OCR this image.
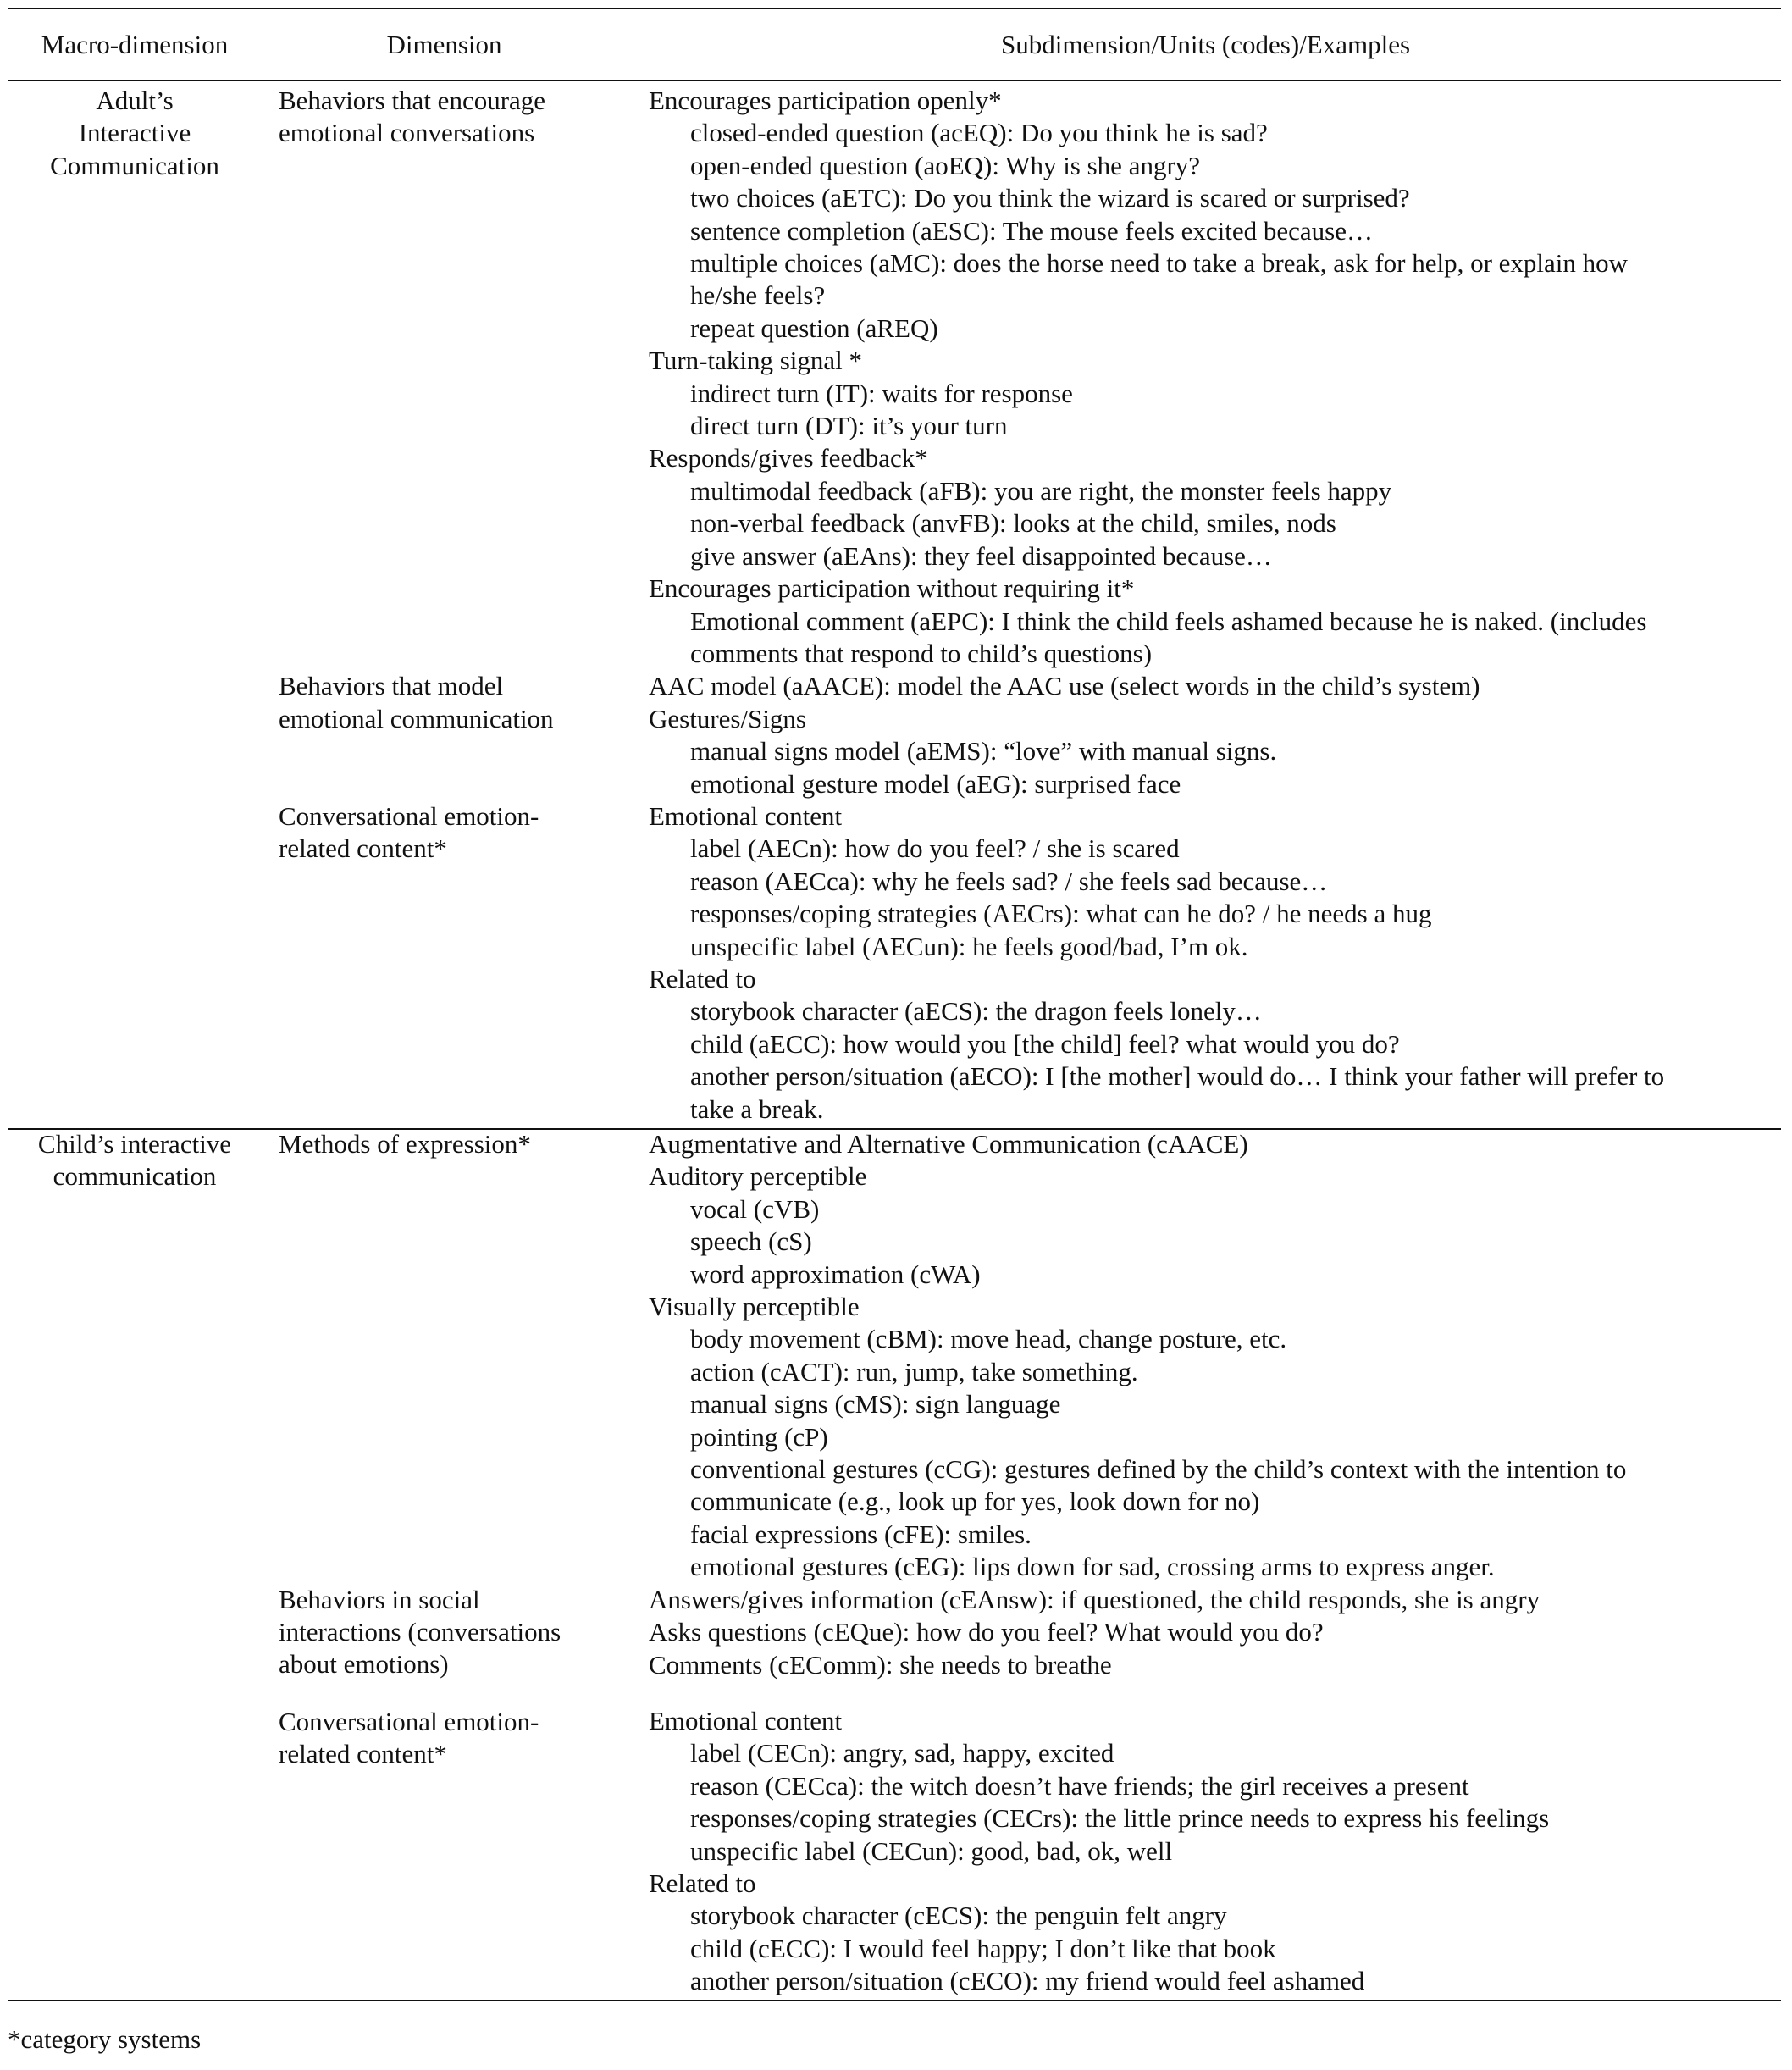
Macro-dimension	Dimension	Subdimension/Units (codes)/Examples
Adult’s
Interactive
Communication
Behaviors that encourage
emotional conversations
Behaviors that model
emotional communication
Conversational emotion-
related content*
Encourages participation openly*
closed-ended question (acEQ): Do you think he is sad?
open-ended question (aoEQ): Why is she angry?
two choices (aETC): Do you think the wizard is scared or surprised?
sentence completion (aESC): The mouse feels excited because…
multiple choices (aMC): does the horse need to take a break, ask for help, or explain how
he/she feels?
repeat question (aREQ)
Turn-taking signal *
indirect turn (IT): waits for response
direct turn (DT): it’s your turn
Responds/gives feedback*
multimodal feedback (aFB): you are right, the monster feels happy
non-verbal feedback (anvFB): looks at the child, smiles, nods
give answer (aEAns): they feel disappointed because…
Encourages participation without requiring it*
Emotional comment (aEPC): I think the child feels ashamed because he is naked. (includes
comments that respond to child’s questions)
AAC model (aAACE): model the AAC use (select words in the child’s system)
Gestures/Signs
manual signs model (aEMS): “love” with manual signs.
emotional gesture model (aEG): surprised face
Emotional content
label (AECn): how do you feel? / she is scared
reason (AECca): why he feels sad? / she feels sad because…
responses/coping strategies (AECrs): what can he do? / he needs a hug
unspecific label (AECun): he feels good/bad, I’m ok.
Related to
storybook character (aECS): the dragon feels lonely…
child (aECC): how would you [the child] feel? what would you do?
another person/situation (aECO): I [the mother] would do… I think your father will prefer to
take a break.
Child’s interactive
communication
Methods of expression*
Behaviors in social
interactions (conversations
about emotions)
Conversational emotion-
related content*
Augmentative and Alternative Communication (cAACE)
Auditory perceptible
vocal (cVB)
speech (cS)
word approximation (cWA)
Visually perceptible
body movement (cBM): move head, change posture, etc.
action (cACT): run, jump, take something.
manual signs (cMS): sign language
pointing (cP)
conventional gestures (cCG): gestures defined by the child’s context with the intention to
communicate (e.g., look up for yes, look down for no)
facial expressions (cFE): smiles.
emotional gestures (cEG): lips down for sad, crossing arms to express anger.
Answers/gives information (cEAnsw): if questioned, the child responds, she is angry
Asks questions (cEQue): how do you feel? What would you do?
Comments (cEComm): she needs to breathe
Emotional content
label (CECn): angry, sad, happy, excited
reason (CECca): the witch doesn’t have friends; the girl receives a present
responses/coping strategies (CECrs): the little prince needs to express his feelings
unspecific label (CECun): good, bad, ok, well
Related to
storybook character (cECS): the penguin felt angry
child (cECC): I would feel happy; I don’t like that book
another person/situation (cECO): my friend would feel ashamed
*category systems
